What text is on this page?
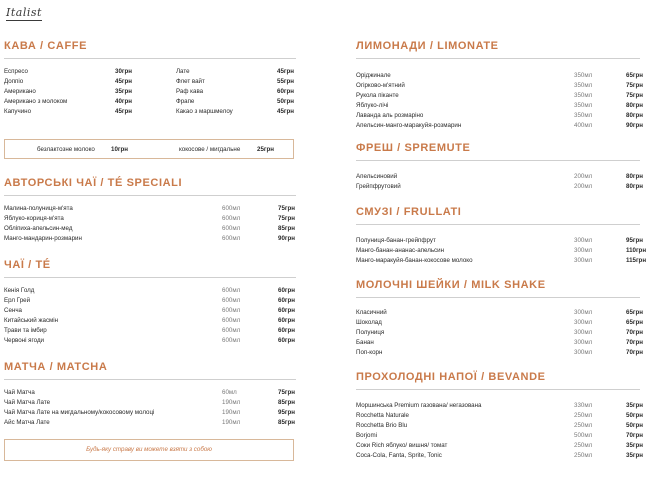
Italist
КАВА / CAFFE
Еспресо	30грн
Доппіо	45грн
Американо	35грн
Американо з молоком	40грн
Капучино	45грн
Лате	45грн
Флет вайт	55грн
Раф кава	60грн
Фрапе	50грн
Какао з маршмелоу	45грн
безлактозне молоко	10грн	кокосове / мигдальне	25грн
АВТОРСЬКІ ЧАЇ / TÉ SPECIALI
Малина-полуниця-м'ята	600мл	75грн
Яблуко-кориця-м'ята	600мл	75грн
Обліпиха-апельсин-мед	600мл	85грн
Манго-мандарин-розмарин	600мл	90грн
ЧАЇ / TÉ
Кенія Голд	600мл	60грн
Ерл Грей	600мл	60грн
Сенча	600мл	60грн
Китайський жасмін	600мл	60грн
Трави та імбир	600мл	60грн
Червоні ягоди	600мл	60грн
МАТЧА / MATCHA
Чай Матча	60мл	75грн
Чай Матча Лате	190мл	85грн
Чай Матча Лате на мигдальному/кокосовому молоці	190мл	95грн
Айс Матча Лате	190мл	85грн
Будь-яку страву ви можете взяти з собою
ЛИМОНАДИ / LIMONATE
Оріджинале	350мл	65грн
Огірково-м'ятний	350мл	75грн
Рукола піканте	350мл	75грн
Яблуко-лічі	350мл	80грн
Лаванда аль розмаріно	350мл	80грн
Апельсин-манго-маракуйя-розмарин	400мл	90грн
ФРЕШ / SPREMUTE
Апельсиновий	200мл	80грн
Грейпфрутовий	200мл	80грн
СМУЗІ / FRULLATI
Полуниця-банан-грейпфрут	300мл	95грн
Манго-банан-ананас-апельсин	300мл	110грн
Манго-маракуйя-банан-кокосове молоко	300мл	115грн
МОЛОЧНІ ШЕЙКИ / MILK SHAKE
Класичний	300мл	65грн
Шоколад	300мл	65грн
Полуниця	300мл	70грн
Банан	300мл	70грн
Поп-корн	300мл	70грн
ПРОХОЛОДНІ НАПОЇ / BEVANDE
Моршинська Premium газована/ негазована	330мл	35грн
Rocchetta Naturale	250мл	50грн
Rocchetta Brio Blu	250мл	50грн
Borjomi	500мл	70грн
Соки Rich яблуко/ вишня/ томат	250мл	35грн
Coca-Cola, Fanta, Sprite, Tonic	250мл	35грн
